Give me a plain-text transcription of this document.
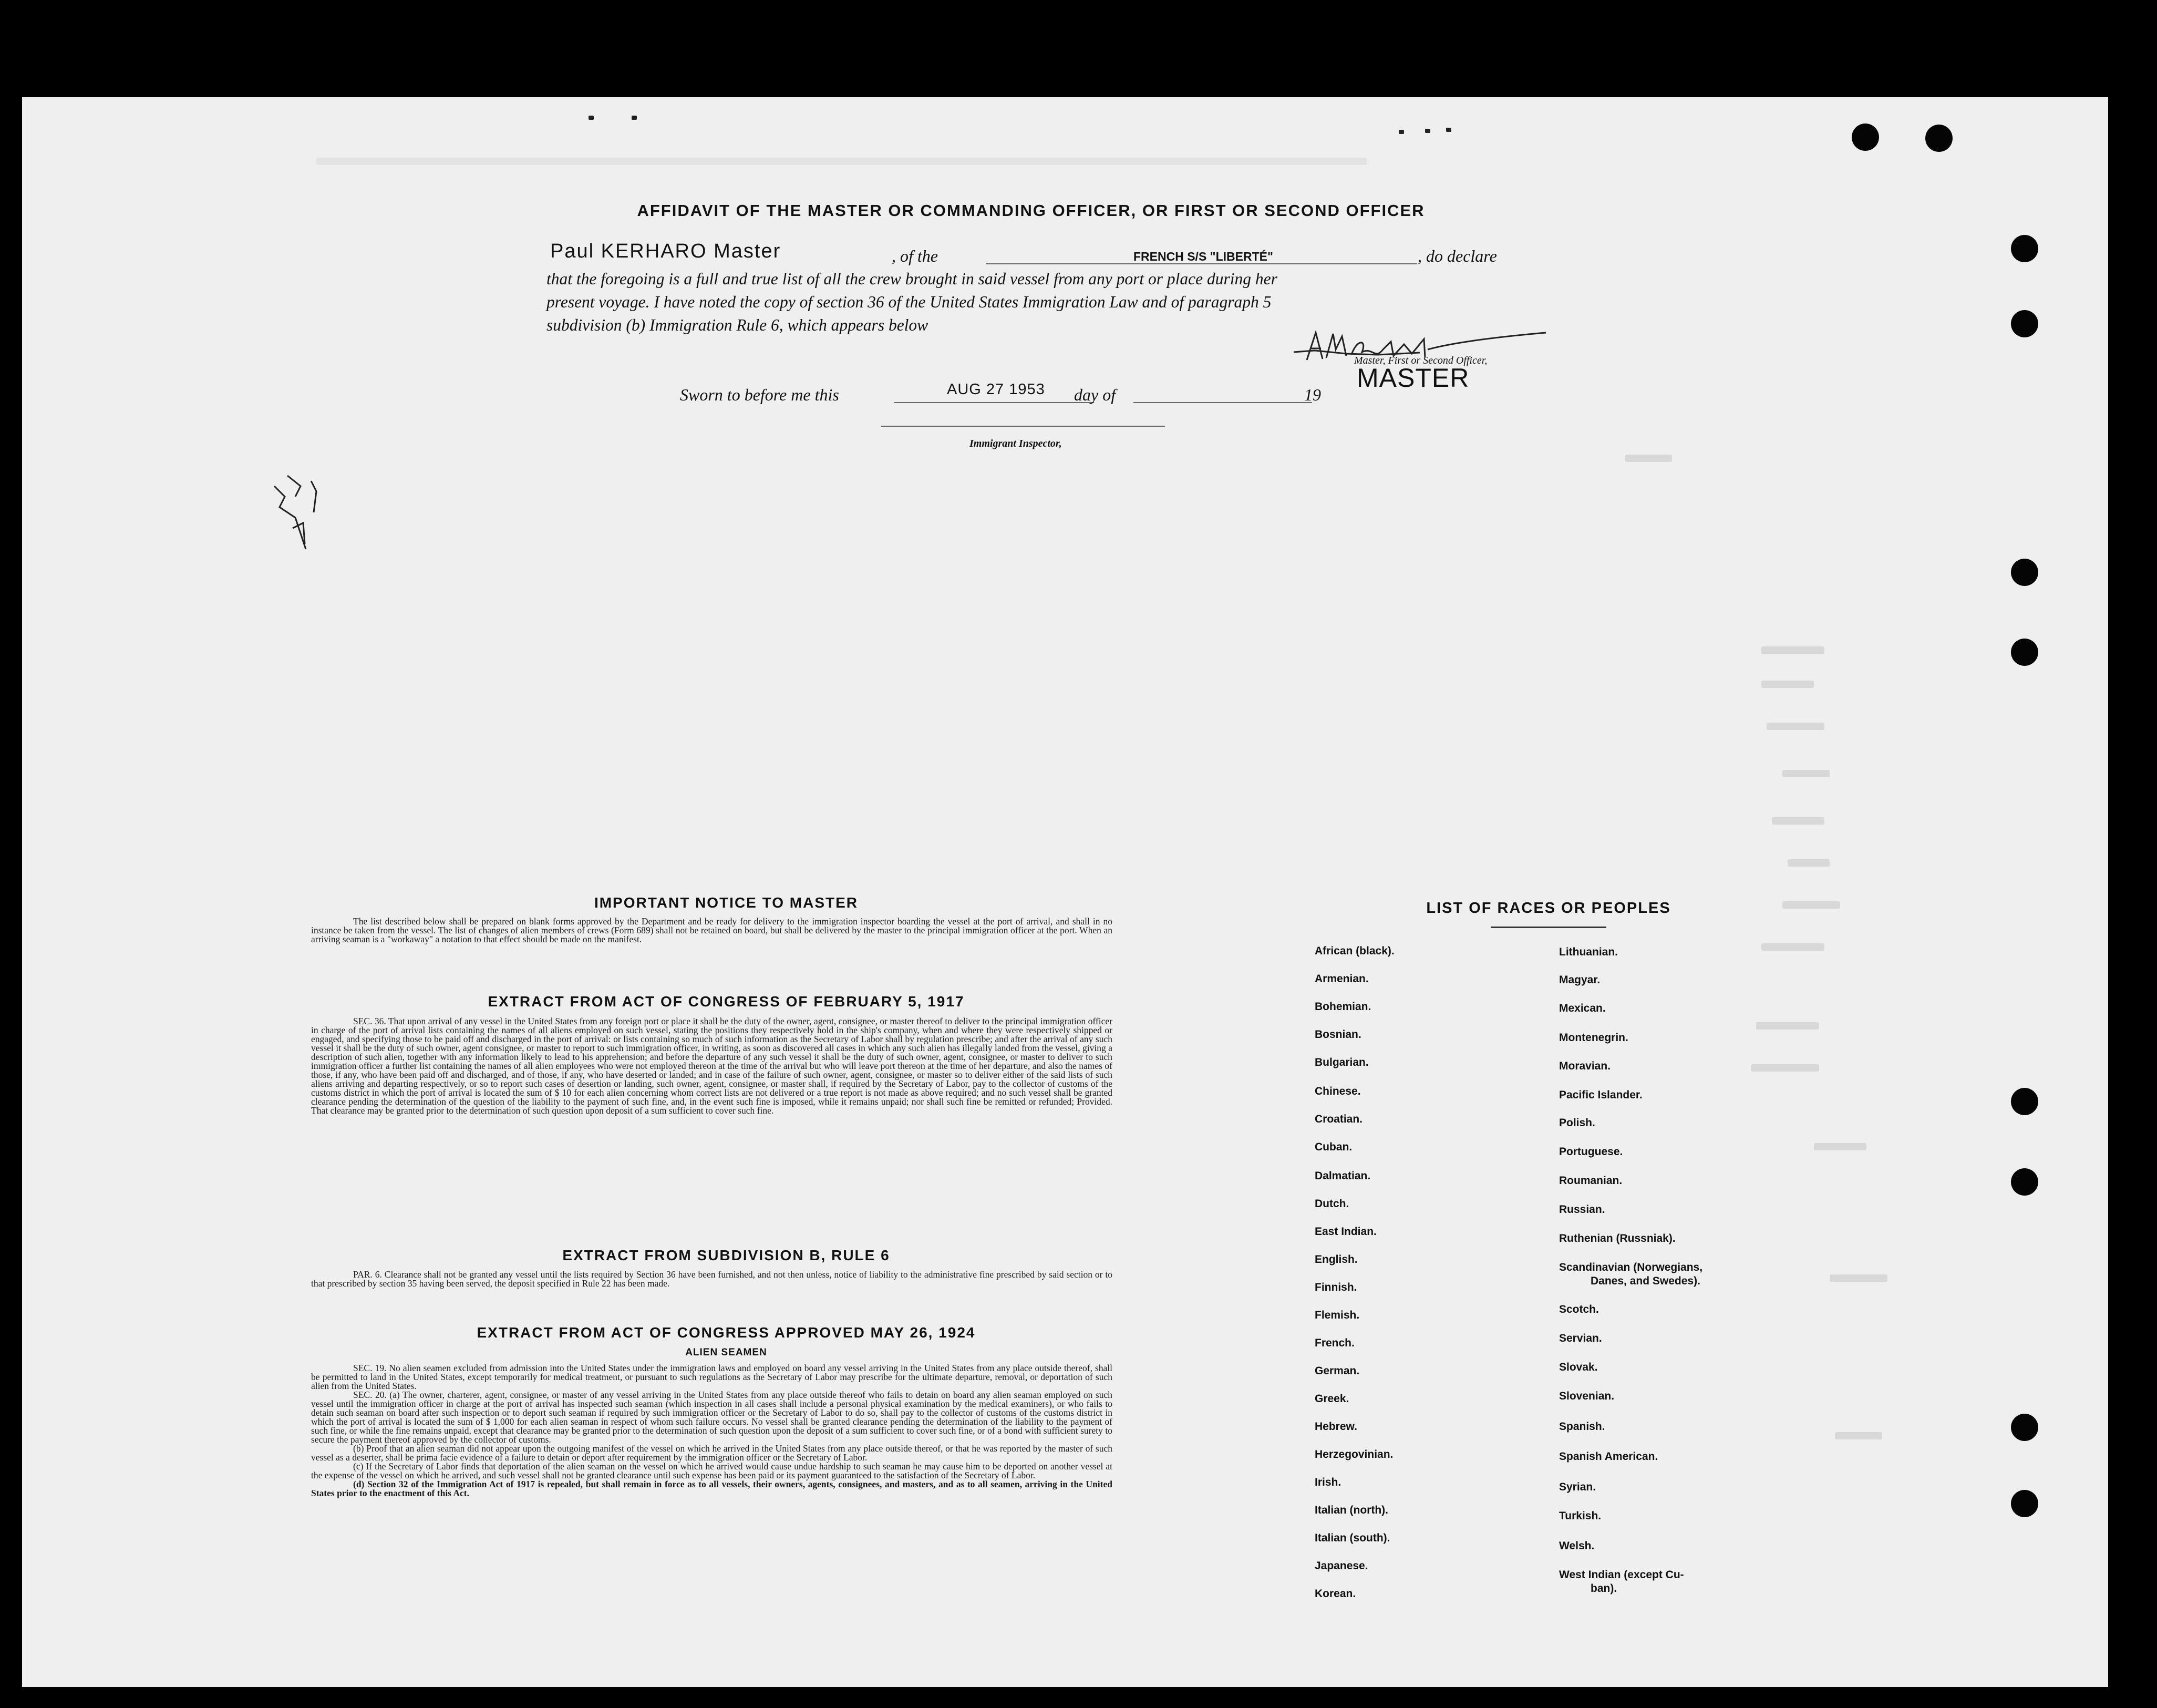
AFFIDAVIT OF THE MASTER OR COMMANDING OFFICER, OR FIRST OR SECOND OFFICER
Paul KERHARO Master	, of the	FRENCH S/S "LIBERTÉ"	, do declare
that the foregoing is a full and true list of all the crew brought in said vessel from any port or place during her
present voyage. I have noted the copy of section 36 of the United States Immigration Law and of paragraph 5
subdivision (b) Immigration Rule 6, which appears below
Master, First or Second Officer,
MASTER
Sworn to before me this	AUG 27 1953 day of	19
Immigrant Inspector,
IMPORTANT NOTICE TO MASTER
The list described below shall be prepared on blank forms approved by the Department and be ready for delivery to the immigration inspector boarding the vessel at the port of arrival, and shall in no instance be taken from the vessel. The list of changes of alien members of crews (Form 689) shall not be retained on board, but shall be delivered by the master to the principal immigration officer at the port. When an arriving seaman is a "workaway" a notation to that effect should be made on the manifest.
EXTRACT FROM ACT OF CONGRESS OF FEBRUARY 5, 1917
SEC. 36. That upon arrival of any vessel in the United States from any foreign port or place it shall be the duty of the owner, agent, consignee, or master thereof to deliver to the principal immigration officer in charge of the port of arrival lists containing the names of all aliens employed on such vessel, stating the positions they respectively hold in the ship's company, when and where they were respectively shipped or engaged, and specifying those to be paid off and discharged in the port of arrival: or lists containing so much of such information as the Secretary of Labor shall by regulation prescribe; and after the arrival of any such vessel it shall be the duty of such owner, agent consignee, or master to report to such immigration officer, in writing, as soon as discovered all cases in which any such alien has illegally landed from the vessel, giving a description of such alien, together with any information likely to lead to his apprehension; and before the departure of any such vessel it shall be the duty of such owner, agent, consignee, or master to deliver to such immigration officer a further list containing the names of all alien employees who were not employed thereon at the time of the arrival but who will leave port thereon at the time of her departure, and also the names of those, if any, who have been paid off and discharged, and of those, if any, who have deserted or landed; and in case of the failure of such owner, agent, consignee, or master so to deliver either of the said lists of such aliens arriving and departing respectively, or so to report such cases of desertion or landing, such owner, agent, consignee, or master shall, if required by the Secretary of Labor, pay to the collector of customs of the customs district in which the port of arrival is located the sum of $ 10 for each alien concerning whom correct lists are not delivered or a true report is not made as above required; and no such vessel shall be granted clearance pending the determination of the question of the liability to the payment of such fine, and, in the event such fine is imposed, while it remains unpaid; nor shall such fine be remitted or refunded; Provided. That clearance may be granted prior to the determination of such question upon deposit of a sum sufficient to cover such fine.
EXTRACT FROM SUBDIVISION B, RULE 6
PAR. 6. Clearance shall not be granted any vessel until the lists required by Section 36 have been furnished, and not then unless, notice of liability to the administrative fine prescribed by said section or to that prescribed by section 35 having been served, the deposit specified in Rule 22 has been made.
EXTRACT FROM ACT OF CONGRESS APPROVED MAY 26, 1924
ALIEN SEAMEN
SEC. 19. No alien seamen excluded from admission into the United States under the immigration laws and employed on board any vessel arriving in the United States from any place outside thereof, shall be permitted to land in the United States, except temporarily for medical treatment, or pursuant to such regulations as the Secretary of Labor may prescribe for the ultimate departure, removal, or deportation of such alien from the United States.
SEC. 20. (a) The owner, charterer, agent, consignee, or master of any vessel arriving in the United States from any place outside thereof who fails to detain on board any alien seaman employed on such vessel until the immigration officer in charge at the port of arrival has inspected such seaman (which inspection in all cases shall include a personal physical examination by the medical examiners), or who fails to detain such seaman on board after such inspection or to deport such seaman if required by such immigration officer or the Secretary of Labor to do so, shall pay to the collector of customs of the customs district in which the port of arrival is located the sum of $ 1,000 for each alien seaman in respect of whom such failure occurs. No vessel shall be granted clearance pending the determination of the liability to the payment of such fine, or while the fine remains unpaid, except that clearance may be granted prior to the determination of such question upon the deposit of a sum sufficient to cover such fine, or of a bond with sufficient surety to secure the payment thereof approved by the collector of customs.
(b) Proof that an alien seaman did not appear upon the outgoing manifest of the vessel on which he arrived in the United States from any place outside thereof, or that he was reported by the master of such vessel as a deserter, shall be prima facie evidence of a failure to detain or deport after requirement by the immigration officer or the Secretary of Labor.
(c) If the Secretary of Labor finds that deportation of the alien seaman on the vessel on which he arrived would cause undue hardship to such seaman he may cause him to be deported on another vessel at the expense of the vessel on which he arrived, and such vessel shall not be granted clearance until such expense has been paid or its payment guaranteed to the satisfaction of the Secretary of Labor.
(d) Section 32 of the Immigration Act of 1917 is repealed, but shall remain in force as to all vessels, their owners, agents, consignees, and masters, and as to all seamen, arriving in the United States prior to the enactment of this Act.
LIST OF RACES OR PEOPLES
African (black).
Armenian.
Bohemian.
Bosnian.
Bulgarian.
Chinese.
Croatian.
Cuban.
Dalmatian.
Dutch.
East Indian.
English.
Finnish.
Flemish.
French.
German.
Greek.
Hebrew.
Herzegovinian.
Irish.
Italian (north).
Italian (south).
Japanese.
Korean.
Lithuanian.
Magyar.
Mexican.
Montenegrin.
Moravian.
Pacific Islander.
Polish.
Portuguese.
Roumanian.
Russian.
Ruthenian (Russniak).
Scandinavian (Norwegians,
Danes, and Swedes).
Scotch.
Servian.
Slovak.
Slovenian.
Spanish.
Spanish American.
Syrian.
Turkish.
Welsh.
West Indian (except Cu-
ban).
